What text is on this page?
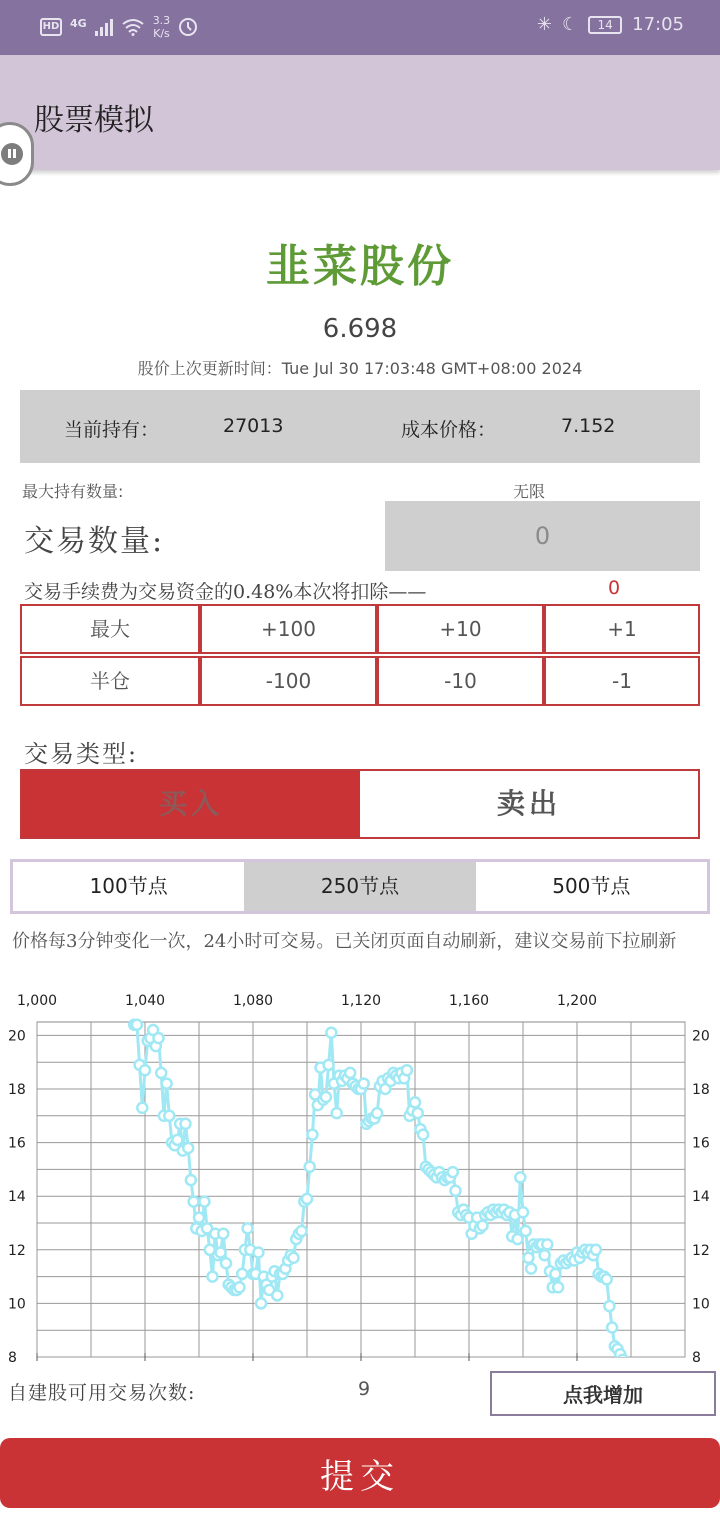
HD 4G	3.3
K/s	✳ ☾	14	17:05
股票模拟
韭菜股份
6.698
股价上次更新时间：Tue Jul 30 17:03:48 GMT+08:00 2024
当前持有：	27013	成本价格：	7.152
最大持有数量:	无限
交易数量:
0
交易手续费为交易资金的0.48%本次将扣除——	0
最大	+100	+10	+1
半仓	-100	-10	-1
交易类型:
买入	卖出
100节点	250节点	500节点
价格每3分钟变化一次，24小时可交易。已关闭页面自动刷新，建议交易前下拉刷新
1,000	1,040	1,080	1,120	1,160	1,200
8	8
10	10
12	12
14	14
16	16
18	18
20	20
自建股可用交易次数:	9	点我增加
提交
